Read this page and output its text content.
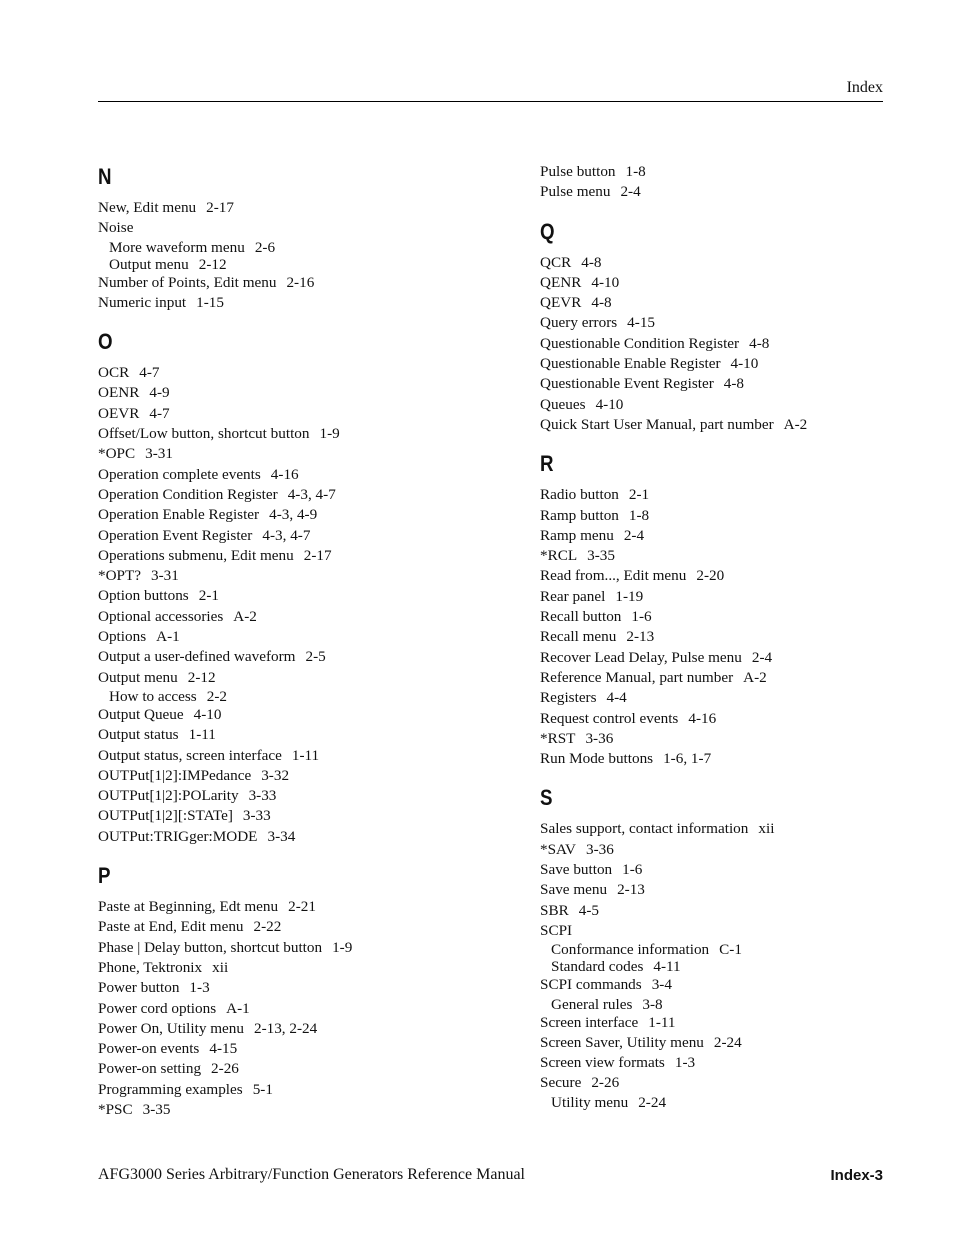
Index
N
New, Edit menu 2-17
Noise
More waveform menu 2-6
Output menu 2-12
Number of Points, Edit menu 2-16
Numeric input 1-15
O
OCR 4-7
OENR 4-9
OEVR 4-7
Offset/Low button, shortcut button 1-9
*OPC 3-31
Operation complete events 4-16
Operation Condition Register 4-3, 4-7
Operation Enable Register 4-3, 4-9
Operation Event Register 4-3, 4-7
Operations submenu, Edit menu 2-17
*OPT? 3-31
Option buttons 2-1
Optional accessories A-2
Options A-1
Output a user-defined waveform 2-5
Output menu 2-12
How to access 2-2
Output Queue 4-10
Output status 1-11
Output status, screen interface 1-11
OUTPut[1|2]:IMPedance 3-32
OUTPut[1|2]:POLarity 3-33
OUTPut[1|2][:STATe] 3-33
OUTPut:TRIGger:MODE 3-34
P
Paste at Beginning, Edt menu 2-21
Paste at End, Edit menu 2-22
Phase | Delay button, shortcut button 1-9
Phone, Tektronix xii
Power button 1-3
Power cord options A-1
Power On, Utility menu 2-13, 2-24
Power-on events 4-15
Power-on setting 2-26
Programming examples 5-1
*PSC 3-35
Pulse button 1-8
Pulse menu 2-4
Q
QCR 4-8
QENR 4-10
QEVR 4-8
Query errors 4-15
Questionable Condition Register 4-8
Questionable Enable Register 4-10
Questionable Event Register 4-8
Queues 4-10
Quick Start User Manual, part number A-2
R
Radio button 2-1
Ramp button 1-8
Ramp menu 2-4
*RCL 3-35
Read from..., Edit menu 2-20
Rear panel 1-19
Recall button 1-6
Recall menu 2-13
Recover Lead Delay, Pulse menu 2-4
Reference Manual, part number A-2
Registers 4-4
Request control events 4-16
*RST 3-36
Run Mode buttons 1-6, 1-7
S
Sales support, contact information xii
*SAV 3-36
Save button 1-6
Save menu 2-13
SBR 4-5
SCPI
Conformance information C-1
Standard codes 4-11
SCPI commands 3-4
General rules 3-8
Screen interface 1-11
Screen Saver, Utility menu 2-24
Screen view formats 1-3
Secure 2-26
Utility menu 2-24
AFG3000 Series Arbitrary/Function Generators Reference Manual	Index-3
